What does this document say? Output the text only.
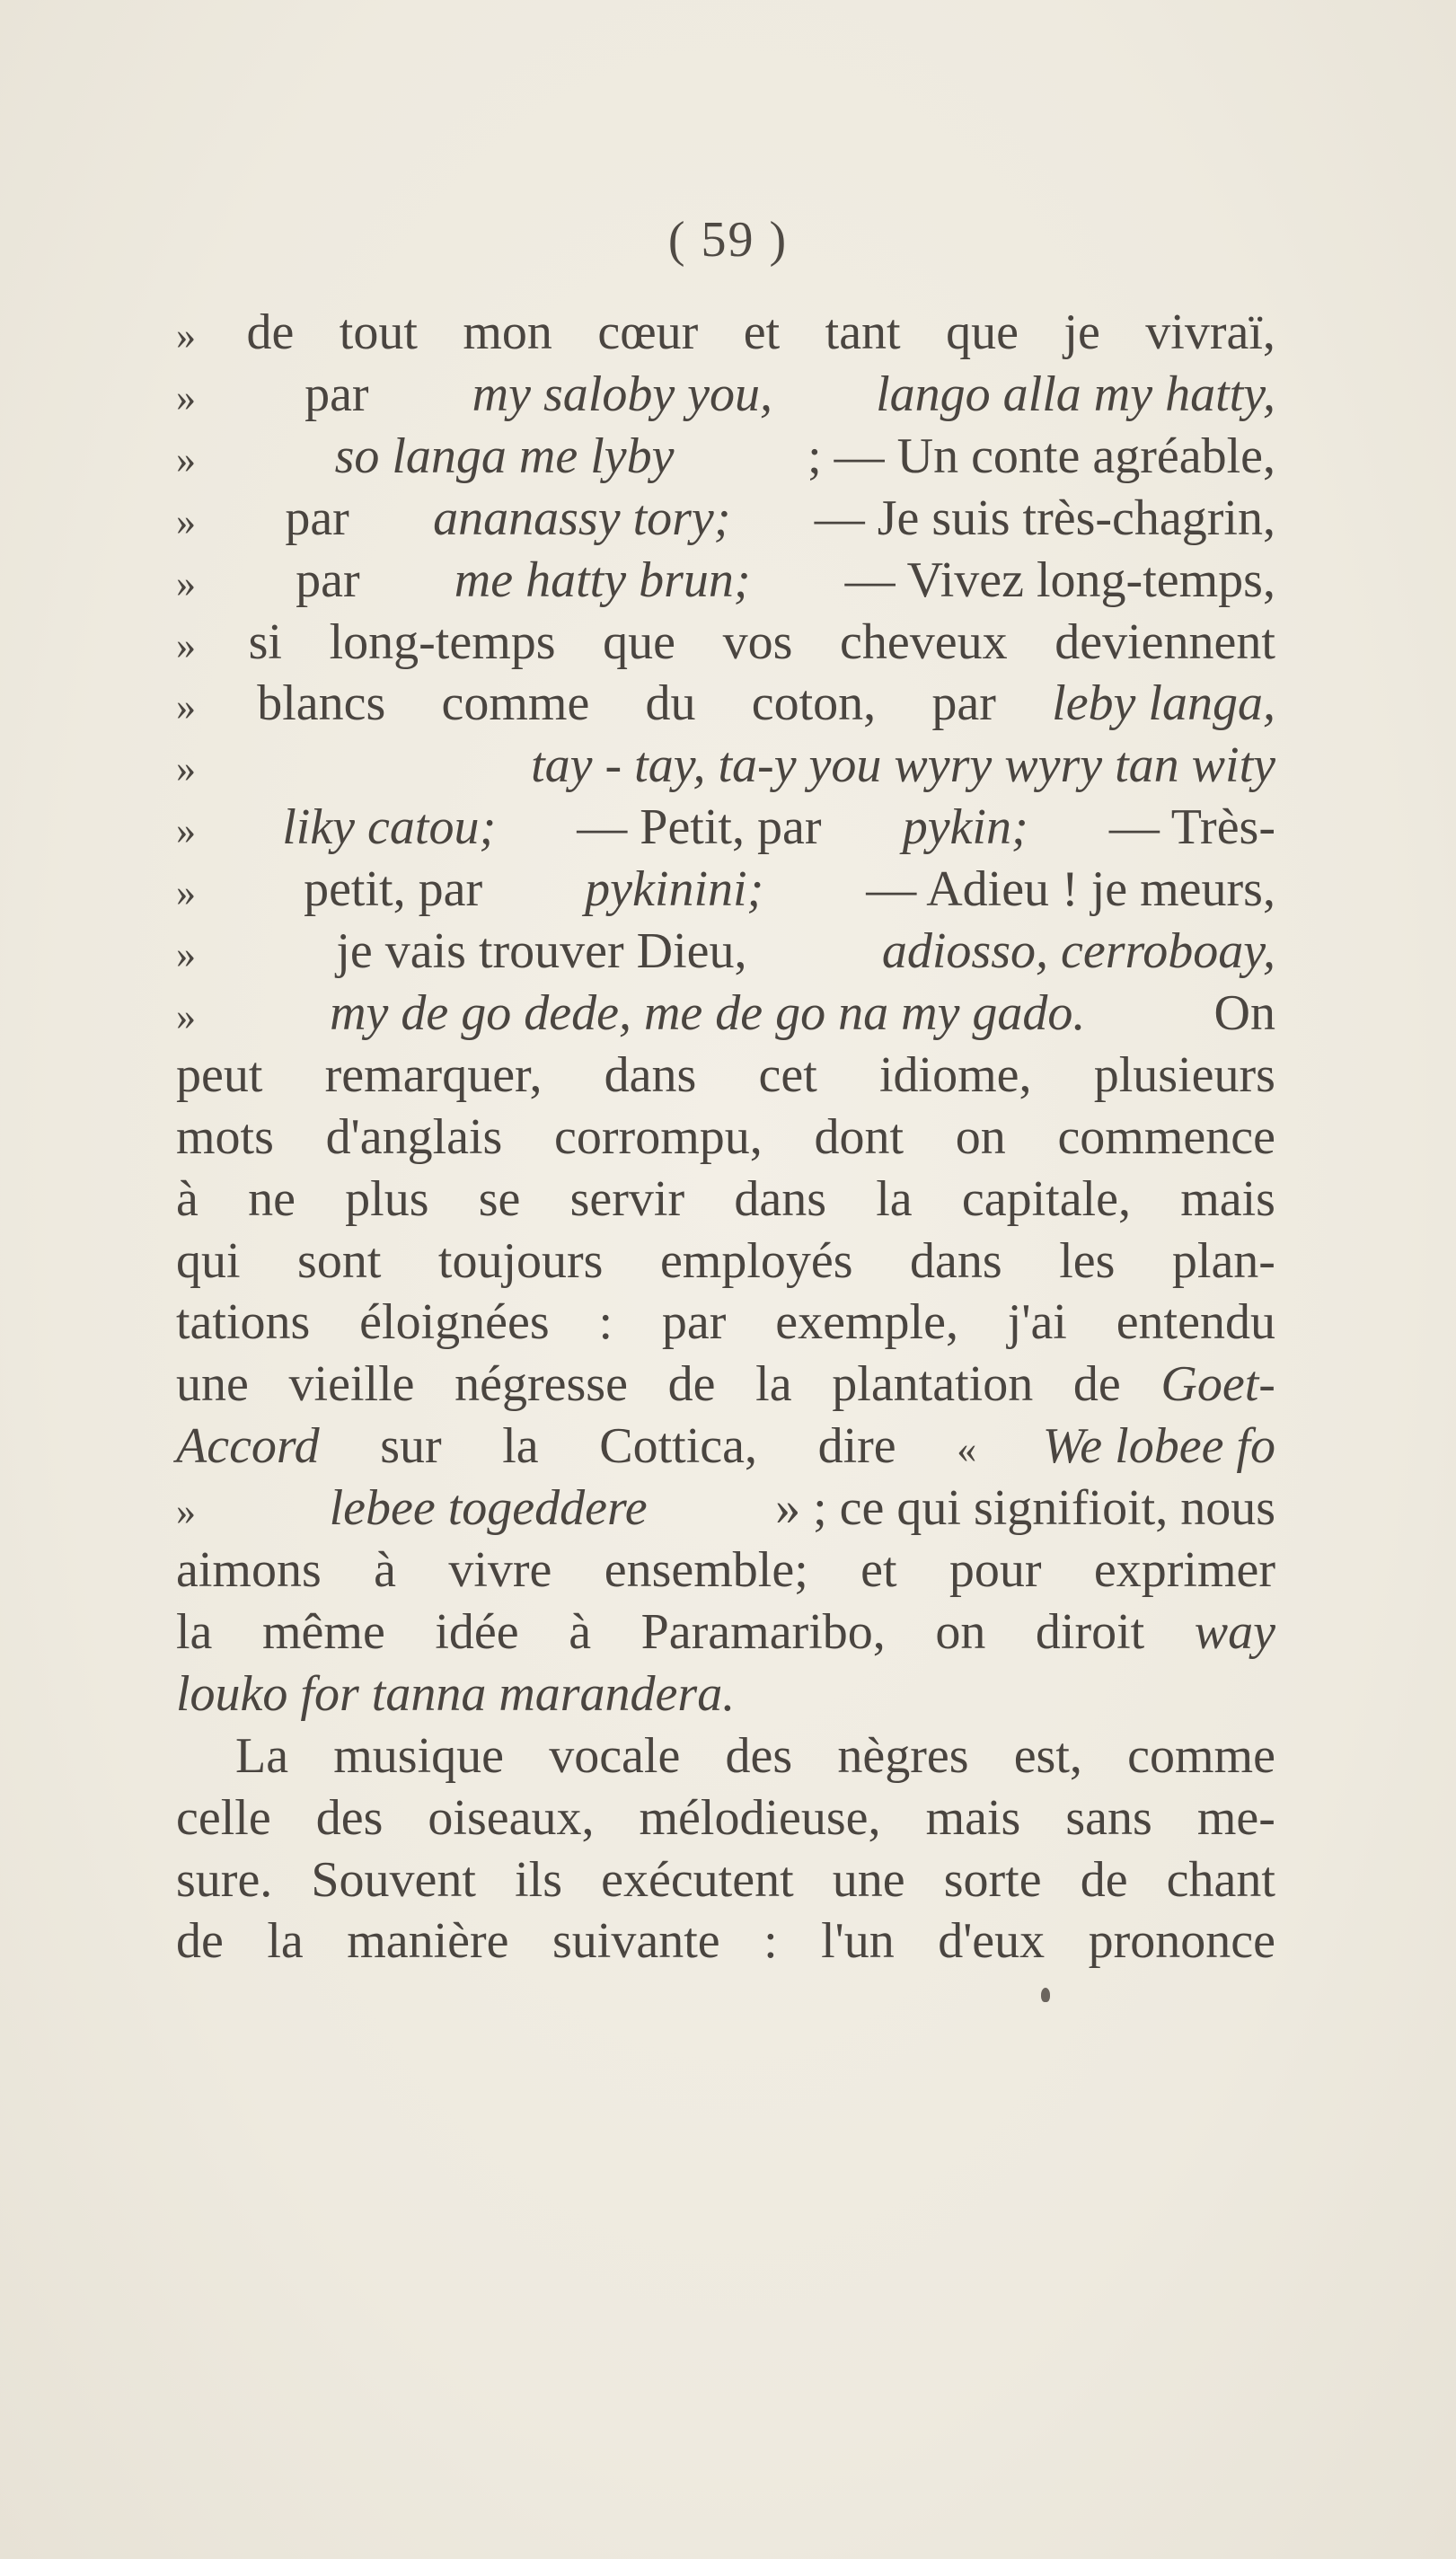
( 59 )
» de tout mon cœur et tant que je vivraï,
» par my saloby you, lango alla my hatty,
»	so langa me lyby	; — Un conte agréable,
» par ananassy tory; — Je suis très-chagrin,
» par me hatty brun; — Vivez long-temps,
» si long-temps que vos cheveux deviennent
» blancs comme du coton, par leby langa,
»	tay - tay, ta-y you wyry wyry tan wity
» liky catou; — Petit, par pykin; — Très-
» petit, par pykinini; — Adieu ! je meurs,
»	je vais trouver Dieu,	adiosso, cerroboay,
»	my de go dede, me de go na my gado.	On
peut remarquer, dans cet idiome, plusieurs
mots d'anglais corrompu, dont on commence
à ne plus se servir dans la capitale, mais
qui sont toujours employés dans les plan-
tations éloignées : par exemple, j'ai entendu
une vieille négresse de la plantation de Goet-
Accord sur la Cottica, dire « We lobee fo
»	lebee togeddere	» ; ce qui signifioit, nous
aimons à vivre ensemble; et pour exprimer
la même idée à Paramaribo, on diroit way
louko for tanna marandera.
La musique vocale des nègres est, comme
celle des oiseaux, mélodieuse, mais sans me-
sure. Souvent ils exécutent une sorte de chant
de la manière suivante : l'un d'eux prononce
